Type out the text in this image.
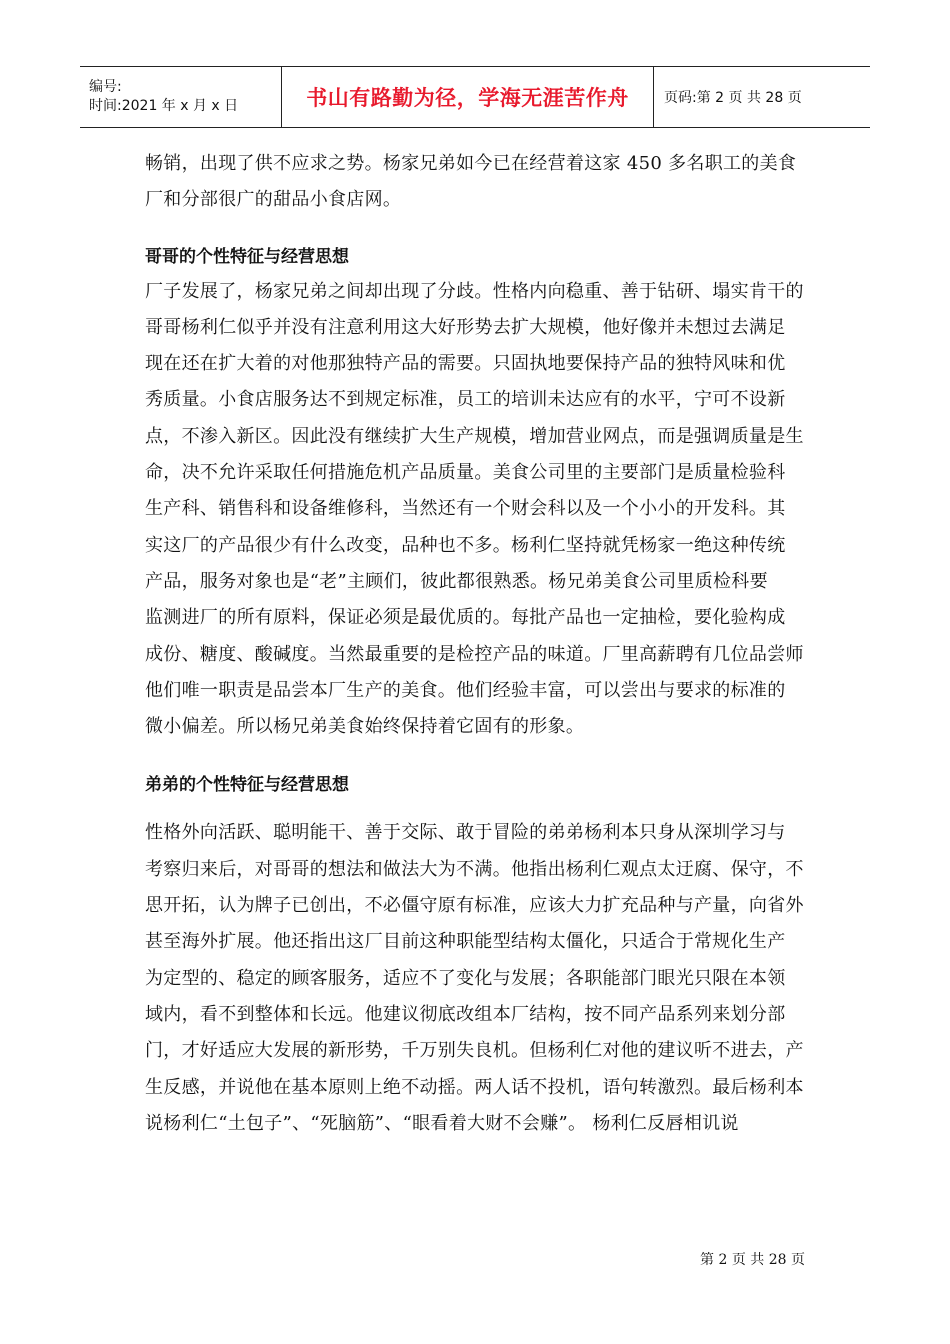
编号:
时间:2021 年 x 月 x 日	书山有路勤为径，学海无涯苦作舟	页码:第 2 页 共 28 页

畅销，出现了供不应求之势。杨家兄弟如今已在经营着这家 450 多名职工的美食
厂和分部很广的甜品小食店网。

哥哥的个性特征与经营思想

厂子发展了，杨家兄弟之间却出现了分歧。性格内向稳重、善于钻研、塌实肯干的
哥哥杨利仁似乎并没有注意利用这大好形势去扩大规模，他好像并未想过去满足
现在还在扩大着的对他那独特产品的需要。只固执地要保持产品的独特风味和优
秀质量。小食店服务达不到规定标准，员工的培训未达应有的水平，宁可不设新
点，不渗入新区。因此没有继续扩大生产规模，增加营业网点，而是强调质量是生
命，决不允许采取任何措施危机产品质量。美食公司里的主要部门是质量检验科
生产科、销售科和设备维修科，当然还有一个财会科以及一个小小的开发科。其
实这厂的产品很少有什么改变，品种也不多。杨利仁坚持就凭杨家一绝这种传统
产品，服务对象也是“老”主顾们，彼此都很熟悉。杨兄弟美食公司里质检科要
监测进厂的所有原料，保证必须是最优质的。每批产品也一定抽检，要化验构成
成份、糖度、酸碱度。当然最重要的是检控产品的味道。厂里高薪聘有几位品尝师
他们唯一职责是品尝本厂生产的美食。他们经验丰富，可以尝出与要求的标准的
微小偏差。所以杨兄弟美食始终保持着它固有的形象。

弟弟的个性特征与经营思想

性格外向活跃、聪明能干、善于交际、敢于冒险的弟弟杨利本只身从深圳学习与
考察归来后，对哥哥的想法和做法大为不满。他指出杨利仁观点太迂腐、保守，不
思开拓，认为牌子已创出，不必僵守原有标准，应该大力扩充品种与产量，向省外
甚至海外扩展。他还指出这厂目前这种职能型结构太僵化，只适合于常规化生产
为定型的、稳定的顾客服务，适应不了变化与发展；各职能部门眼光只限在本领
域内，看不到整体和长远。他建议彻底改组本厂结构，按不同产品系列来划分部
门，才好适应大发展的新形势，千万别失良机。但杨利仁对他的建议听不进去，产
生反感，并说他在基本原则上绝不动摇。两人话不投机，语句转激烈。最后杨利本
说杨利仁“土包子”、“死脑筋”、“眼看着大财不会赚”。 杨利仁反唇相讥说

第 2 页 共 28 页
